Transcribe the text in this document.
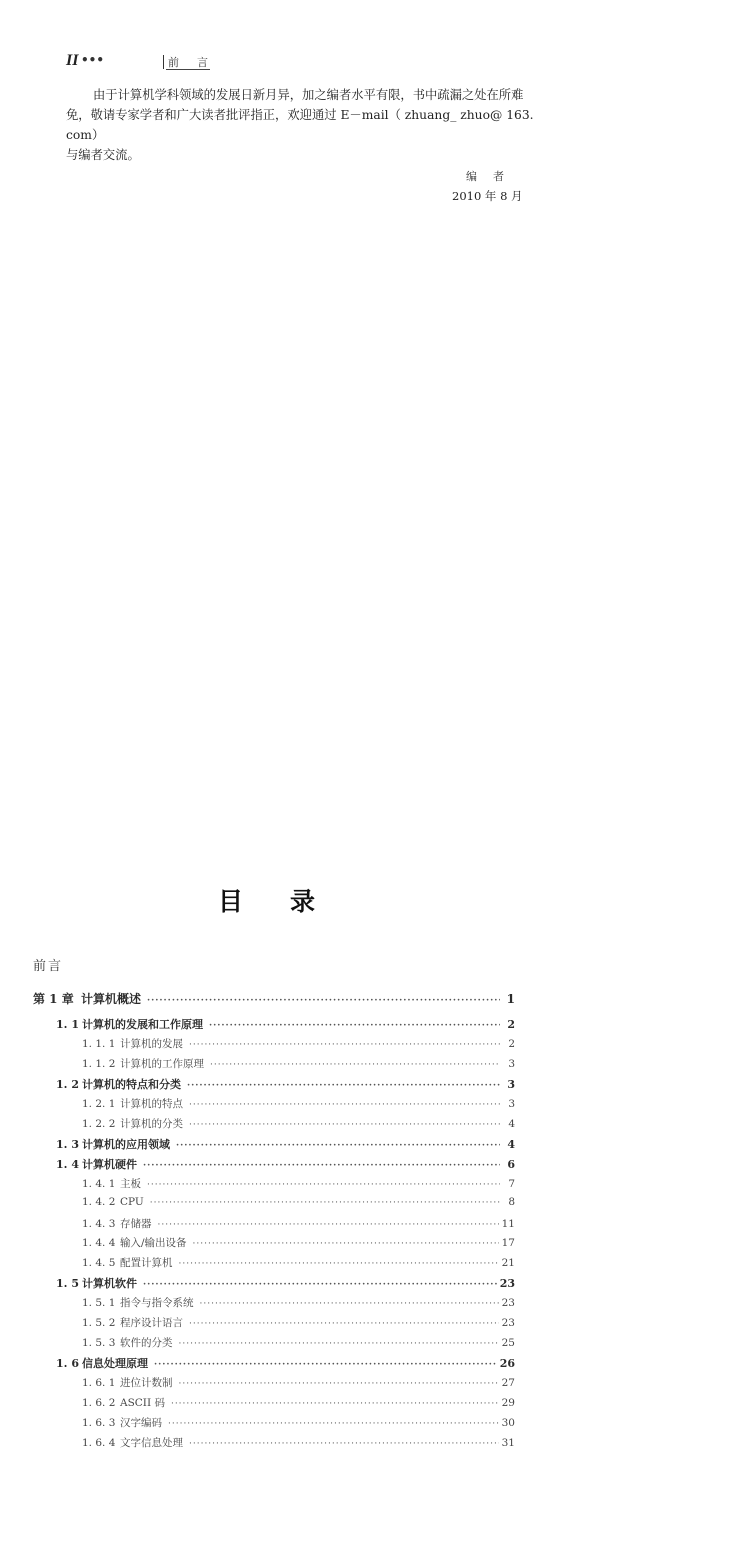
II •••	前言

由于计算机学科领域的发展日新月异，加之编者水平有限，书中疏漏之处在所难

免，敬请专家学者和广大读者批评指正，欢迎通过 E－mail（ zhuang_ zhuo@ 163. com）

与编者交流。

编者
2010 年 8 月
目录
前言
第 1 章 计算机概述 ·····	1
1. 1 计算机的发展和工作原理 ·····	2
1. 1. 1 计算机的发展 ·····	2
1. 1. 2 计算机的工作原理 ·····	3
1. 2 计算机的特点和分类 ·····	3
1. 2. 1 计算机的特点 ·····	3
1. 2. 2 计算机的分类 ·····	4
1. 3 计算机的应用领域 ·····	4
1. 4 计算机硬件 ·····	6
1. 4. 1 主板 ·····	7
1. 4. 2 CPU ·····	8
1. 4. 3 存储器 ·····	11
1. 4. 4 输入/输出设备 ·····	17
1. 4. 5 配置计算机 ·····	21
1. 5 计算机软件 ·····	23
1. 5. 1 指令与指令系统 ·····	23
1. 5. 2 程序设计语言 ·····	23
1. 5. 3 软件的分类 ·····	25
1. 6 信息处理原理 ·····	26
1. 6. 1 进位计数制 ·····	27
1. 6. 2 ASCII 码 ·····	29
1. 6. 3 汉字编码 ·····	30
1. 6. 4 文字信息处理 ·····	31
